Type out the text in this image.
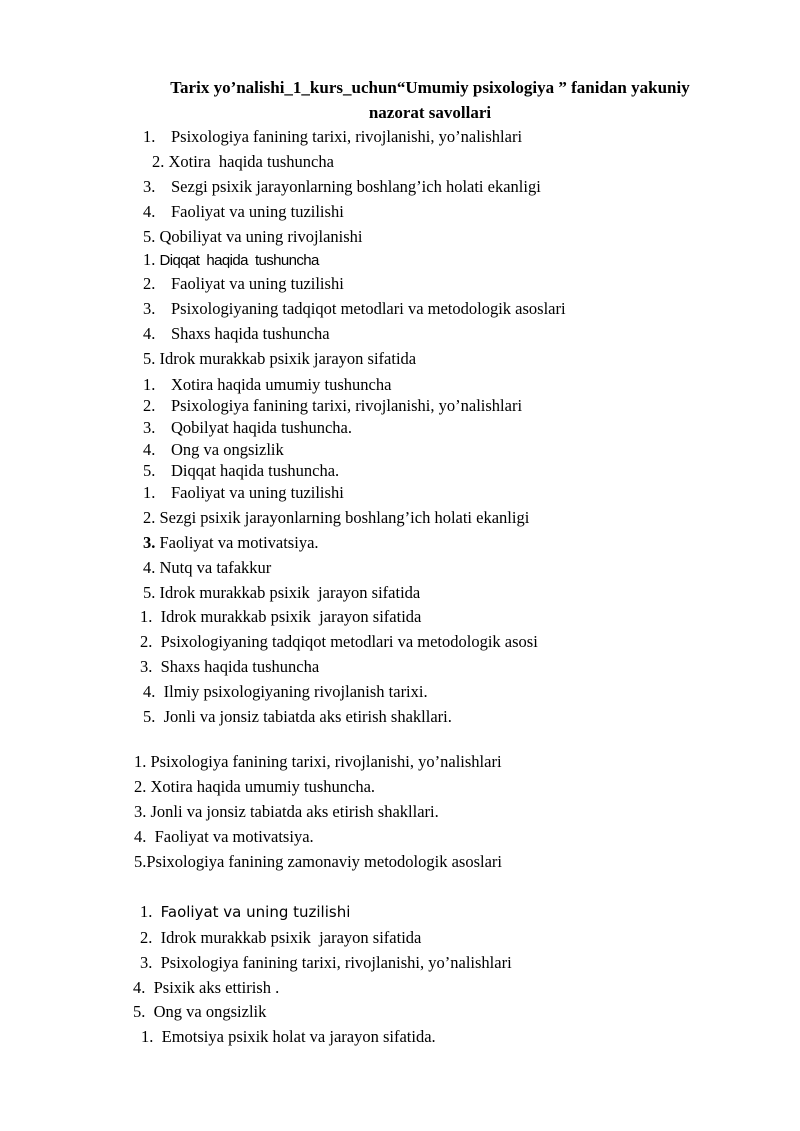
Tarix yo’nalishi_1_kurs_uchun“Umumiy psixologiya ” fanidan yakuniy
nazorat savollari
1. Psixologiya fanining tarixi, rivojlanishi, yo’nalishlari
2. Xotira  haqida tushuncha
3. Sezgi psixik jarayonlarning boshlang’ich holati ekanligi
4. Faoliyat va uning tuzilishi
5. Qobiliyat va uning rivojlanishi
1. Diqqat  haqida  tushuncha
2. Faoliyat va uning tuzilishi
3. Psixologiyaning tadqiqot metodlari va metodologik asoslari
4. Shaxs haqida tushuncha
5. Idrok murakkab psixik jarayon sifatida
1. Xotira haqida umumiy tushuncha
2. Psixologiya fanining tarixi, rivojlanishi, yo’nalishlari
3. Qobilyat haqida tushuncha.
4. Ong va ongsizlik
5. Diqqat haqida tushuncha.
1. Faoliyat va uning tuzilishi
2. Sezgi psixik jarayonlarning boshlang’ich holati ekanligi
3. Faoliyat va motivatsiya.
4. Nutq va tafakkur
5. Idrok murakkab psixik  jarayon sifatida
1. Idrok murakkab psixik  jarayon sifatida
2. Psixologiyaning tadqiqot metodlari va metodologik asosi
3. Shaxs haqida tushuncha
4. Ilmiy psixologiyaning rivojlanish tarixi.
5. Jonli va jonsiz tabiatda aks etirish shakllari.
1. Psixologiya fanining tarixi, rivojlanishi, yo’nalishlari
2. Xotira haqida umumiy tushuncha.
3. Jonli va jonsiz tabiatda aks etirish shakllari.
4. Faoliyat va motivatsiya.
5.Psixologiya fanining zamonaviy metodologik asoslari
1. Faoliyat va uning tuzilishi
2. Idrok murakkab psixik  jarayon sifatida
3. Psixologiya fanining tarixi, rivojlanishi, yo’nalishlari
4. Psixik aks ettirish .
5. Ong va ongsizlik
1. Emotsiya psixik holat va jarayon sifatida.
